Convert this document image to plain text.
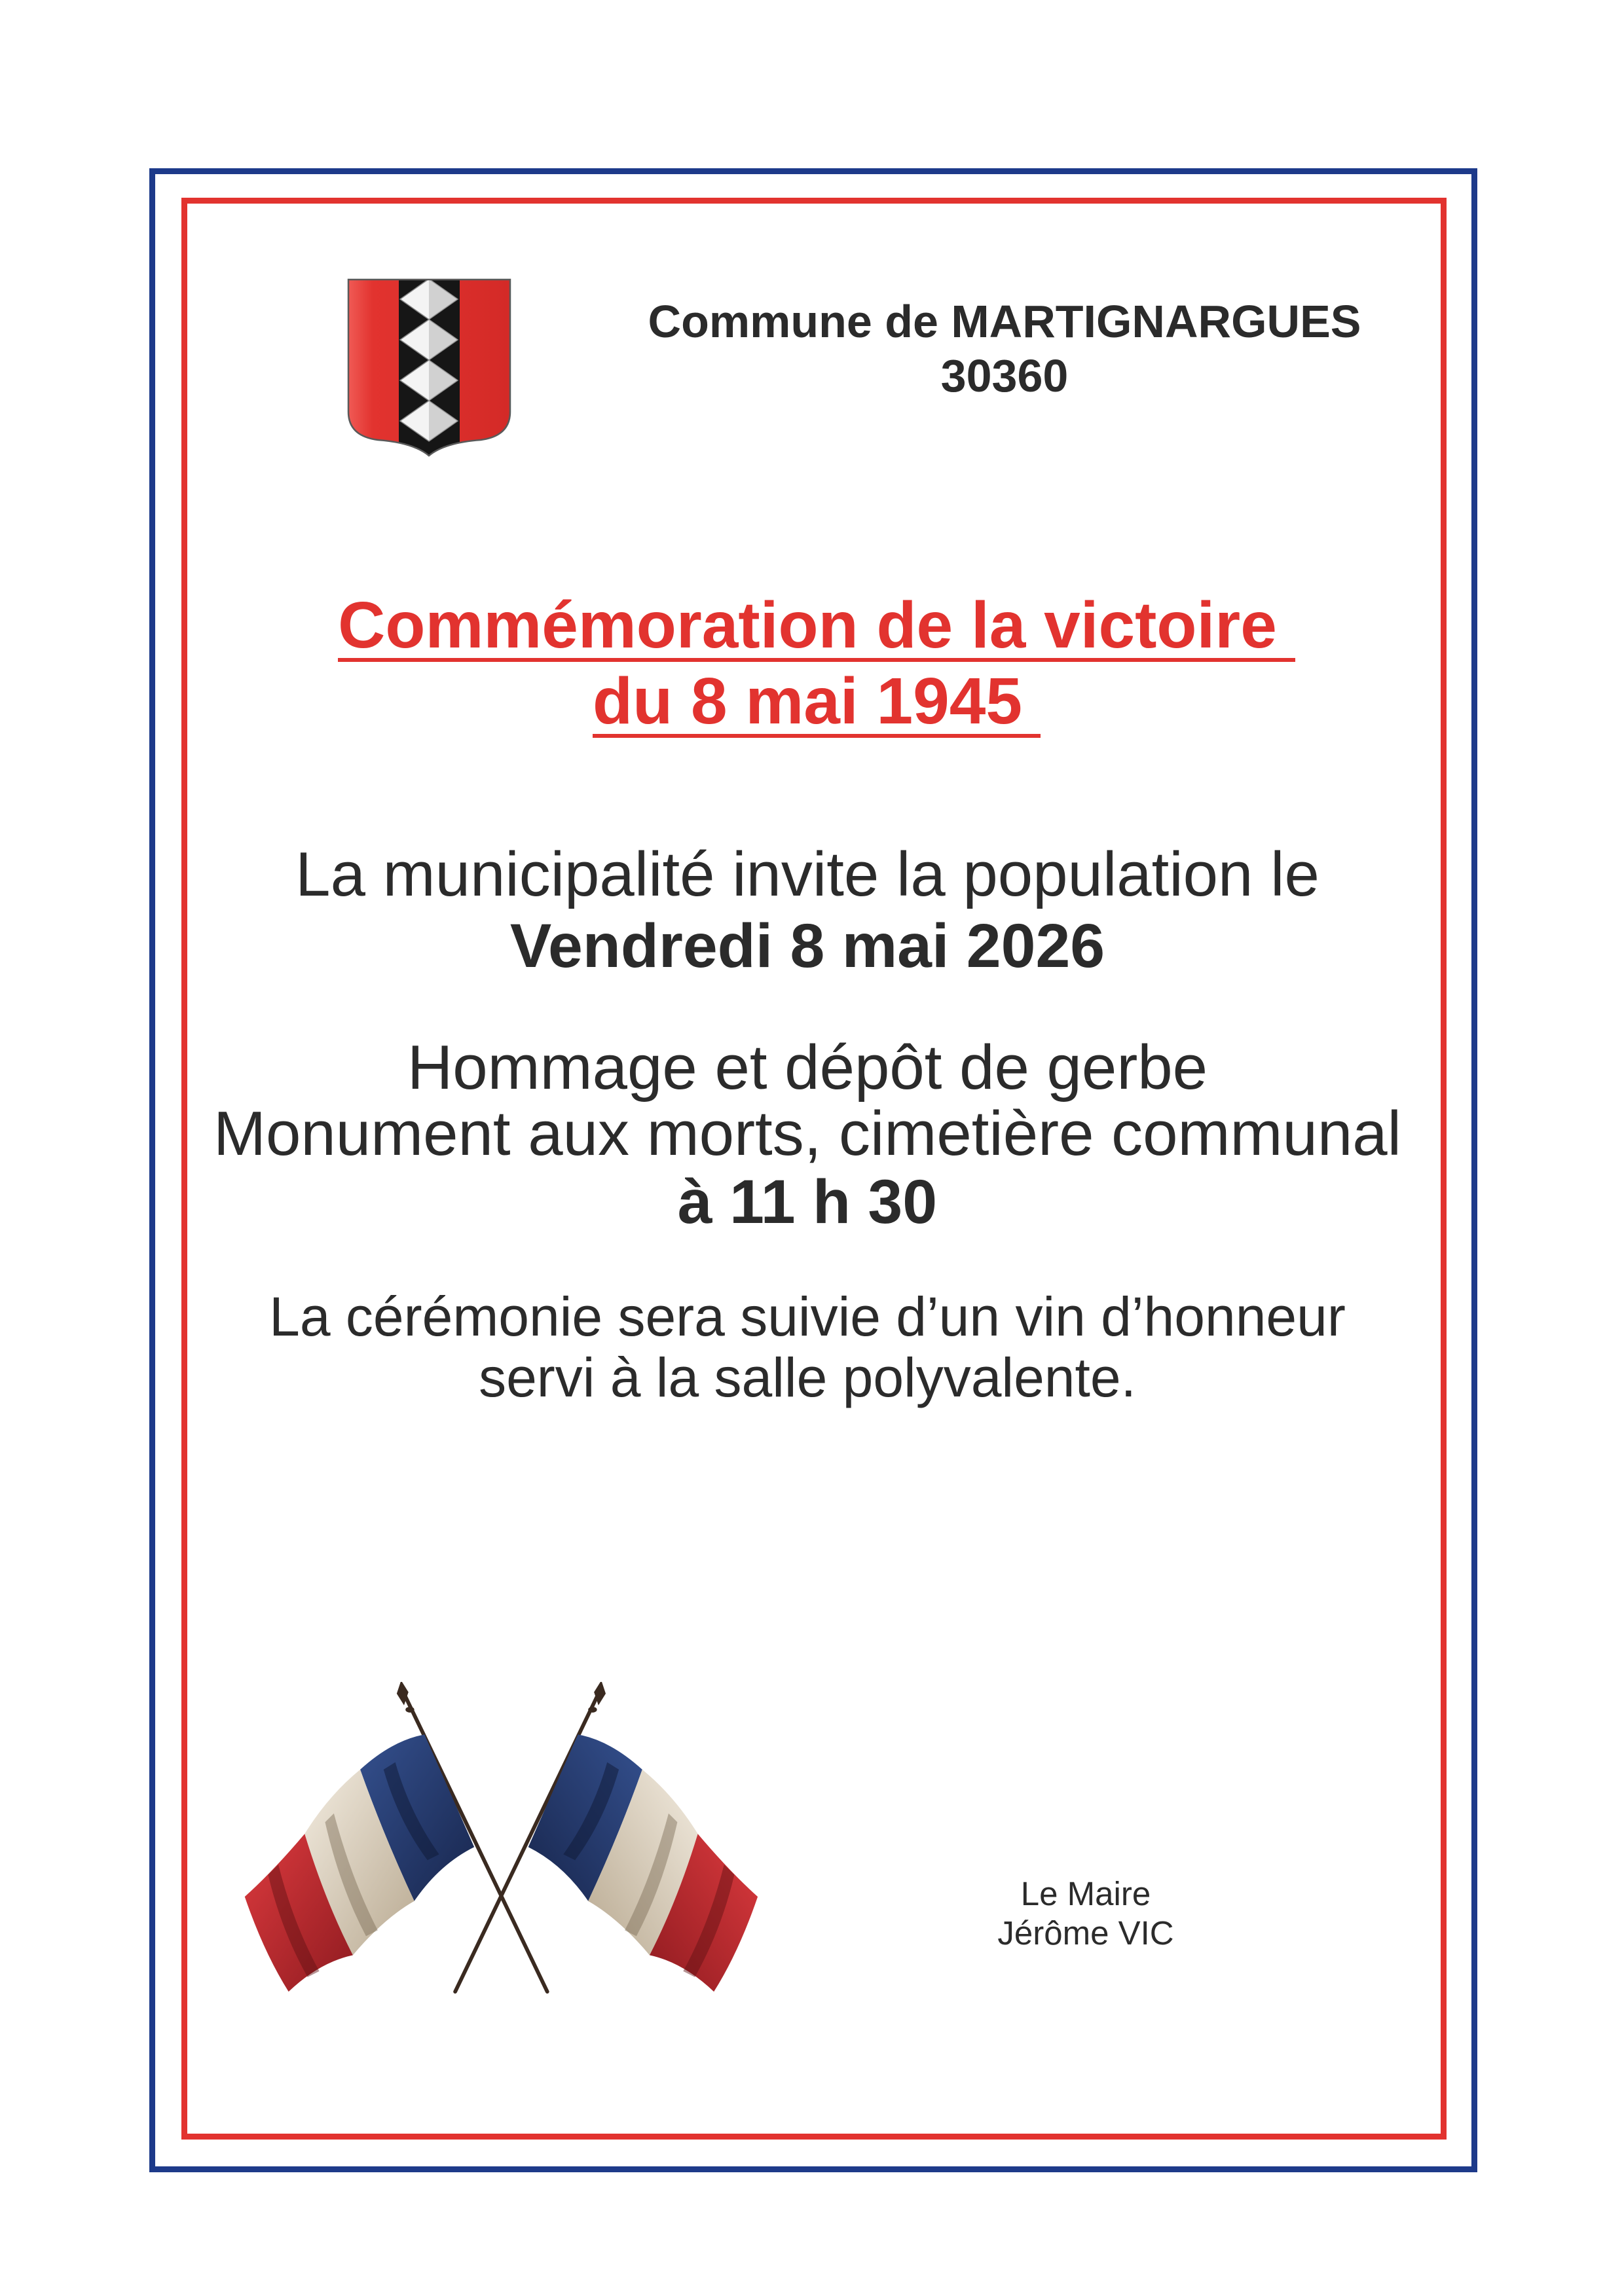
Commune de MARTIGNARGUES
30360
Commémoration de la victoire
du 8 mai 1945
La municipalité invite la population le
Vendredi 8 mai 2026
Hommage et dépôt de gerbe
Monument aux morts, cimetière communal
à 11 h 30
La cérémonie sera suivie d’un vin d’honneur
servi à la salle polyvalente.
Le Maire
Jérôme VIC
